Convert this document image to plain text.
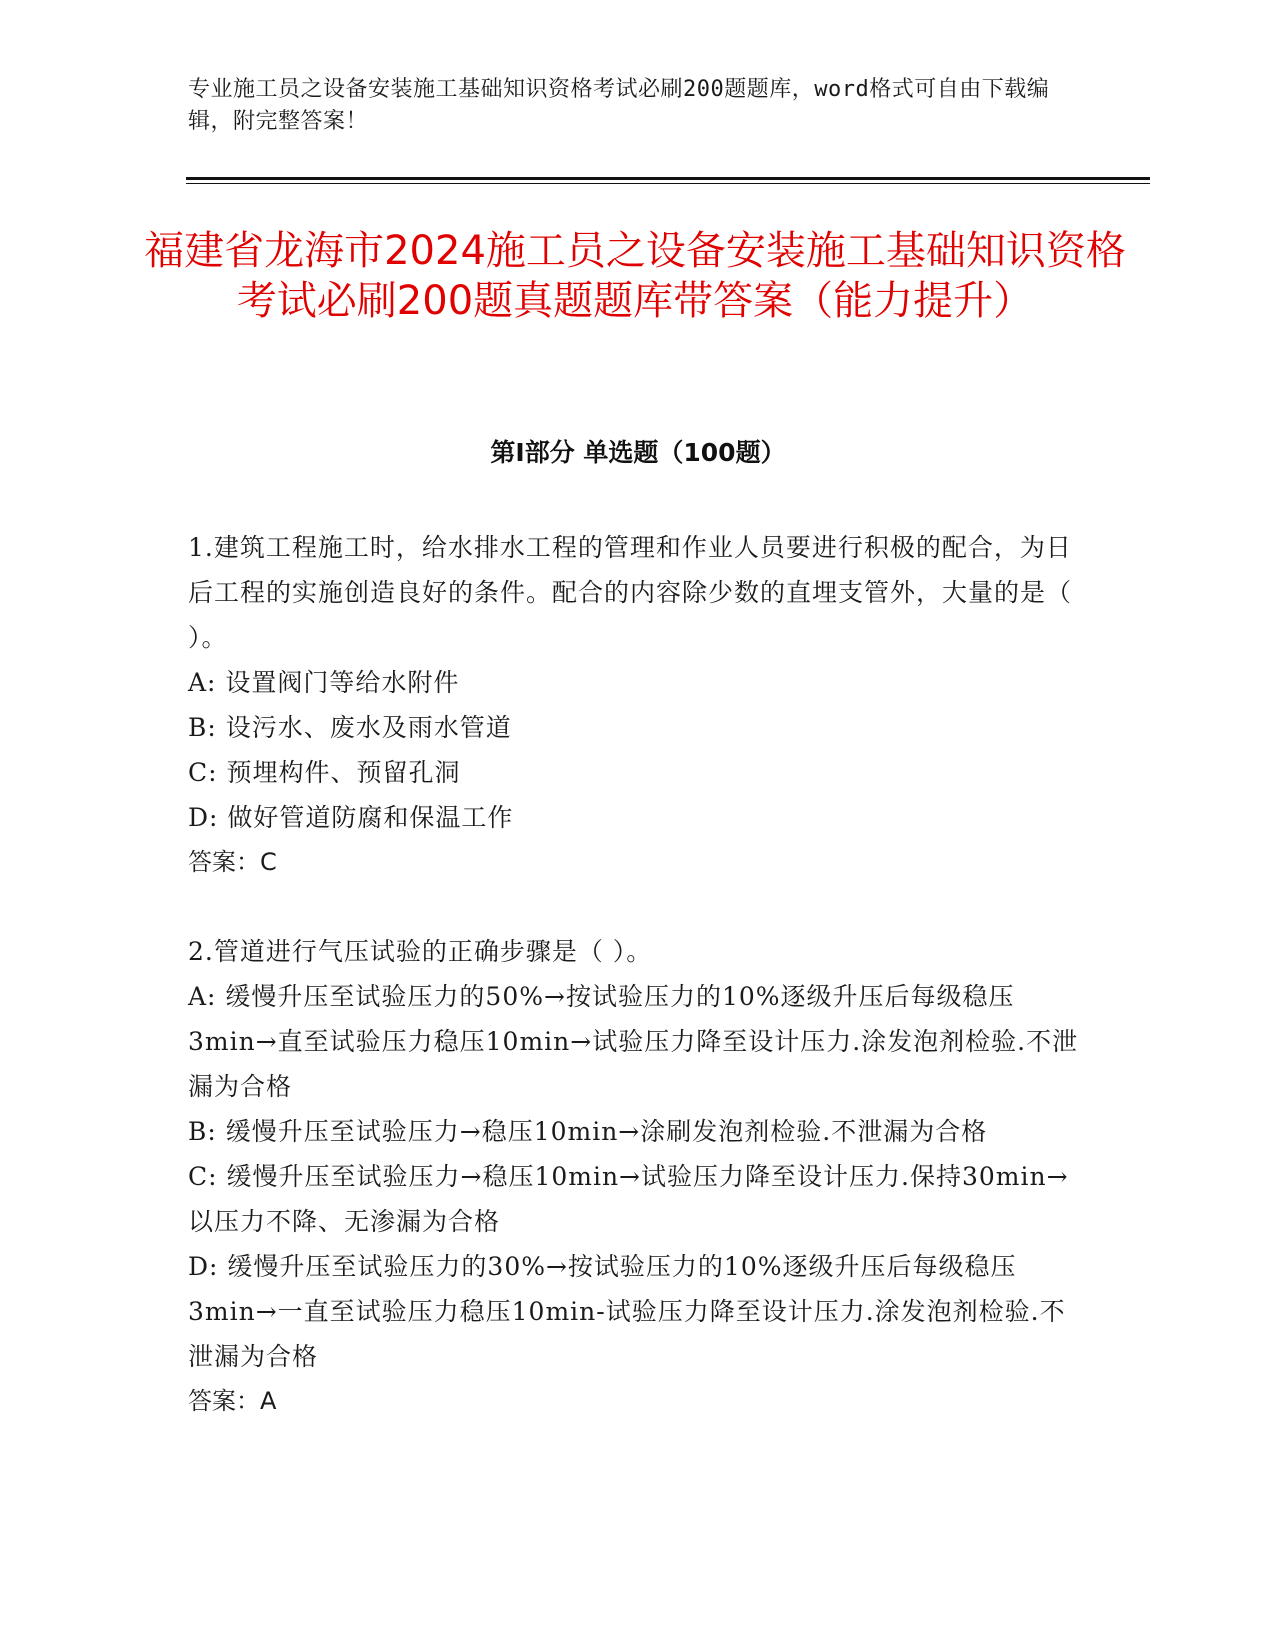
专业施工员之设备安装施工基础知识资格考试必刷200题题库，word格式可自由下载编辑，附完整答案！
福建省龙海市2024施工员之设备安装施工基础知识资格考试必刷200题真题题库带答案（能力提升）
第Ⅰ部分 单选题（100题）

1.建筑工程施工时，给水排水工程的管理和作业人员要进行积极的配合，为日后工程的实施创造良好的条件。配合的内容除少数的直埋支管外，大量的是（ ）。

A: 设置阀门等给水附件

B: 设污水、废水及雨水管道

C: 预埋构件、预留孔洞

D: 做好管道防腐和保温工作

答案：C

2.管道进行气压试验的正确步骤是（ ）。

A: 缓慢升压至试验压力的50%→按试验压力的10%逐级升压后每级稳压3min→直至试验压力稳压10min→试验压力降至设计压力.涂发泡剂检验.不泄漏为合格

B: 缓慢升压至试验压力→稳压10min→涂刷发泡剂检验.不泄漏为合格

C: 缓慢升压至试验压力→稳压10min→试验压力降至设计压力.保持30min→以压力不降、无渗漏为合格

D: 缓慢升压至试验压力的30%→按试验压力的10%逐级升压后每级稳压3min→一直至试验压力稳压10min-试验压力降至设计压力.涂发泡剂检验.不泄漏为合格

答案：A
